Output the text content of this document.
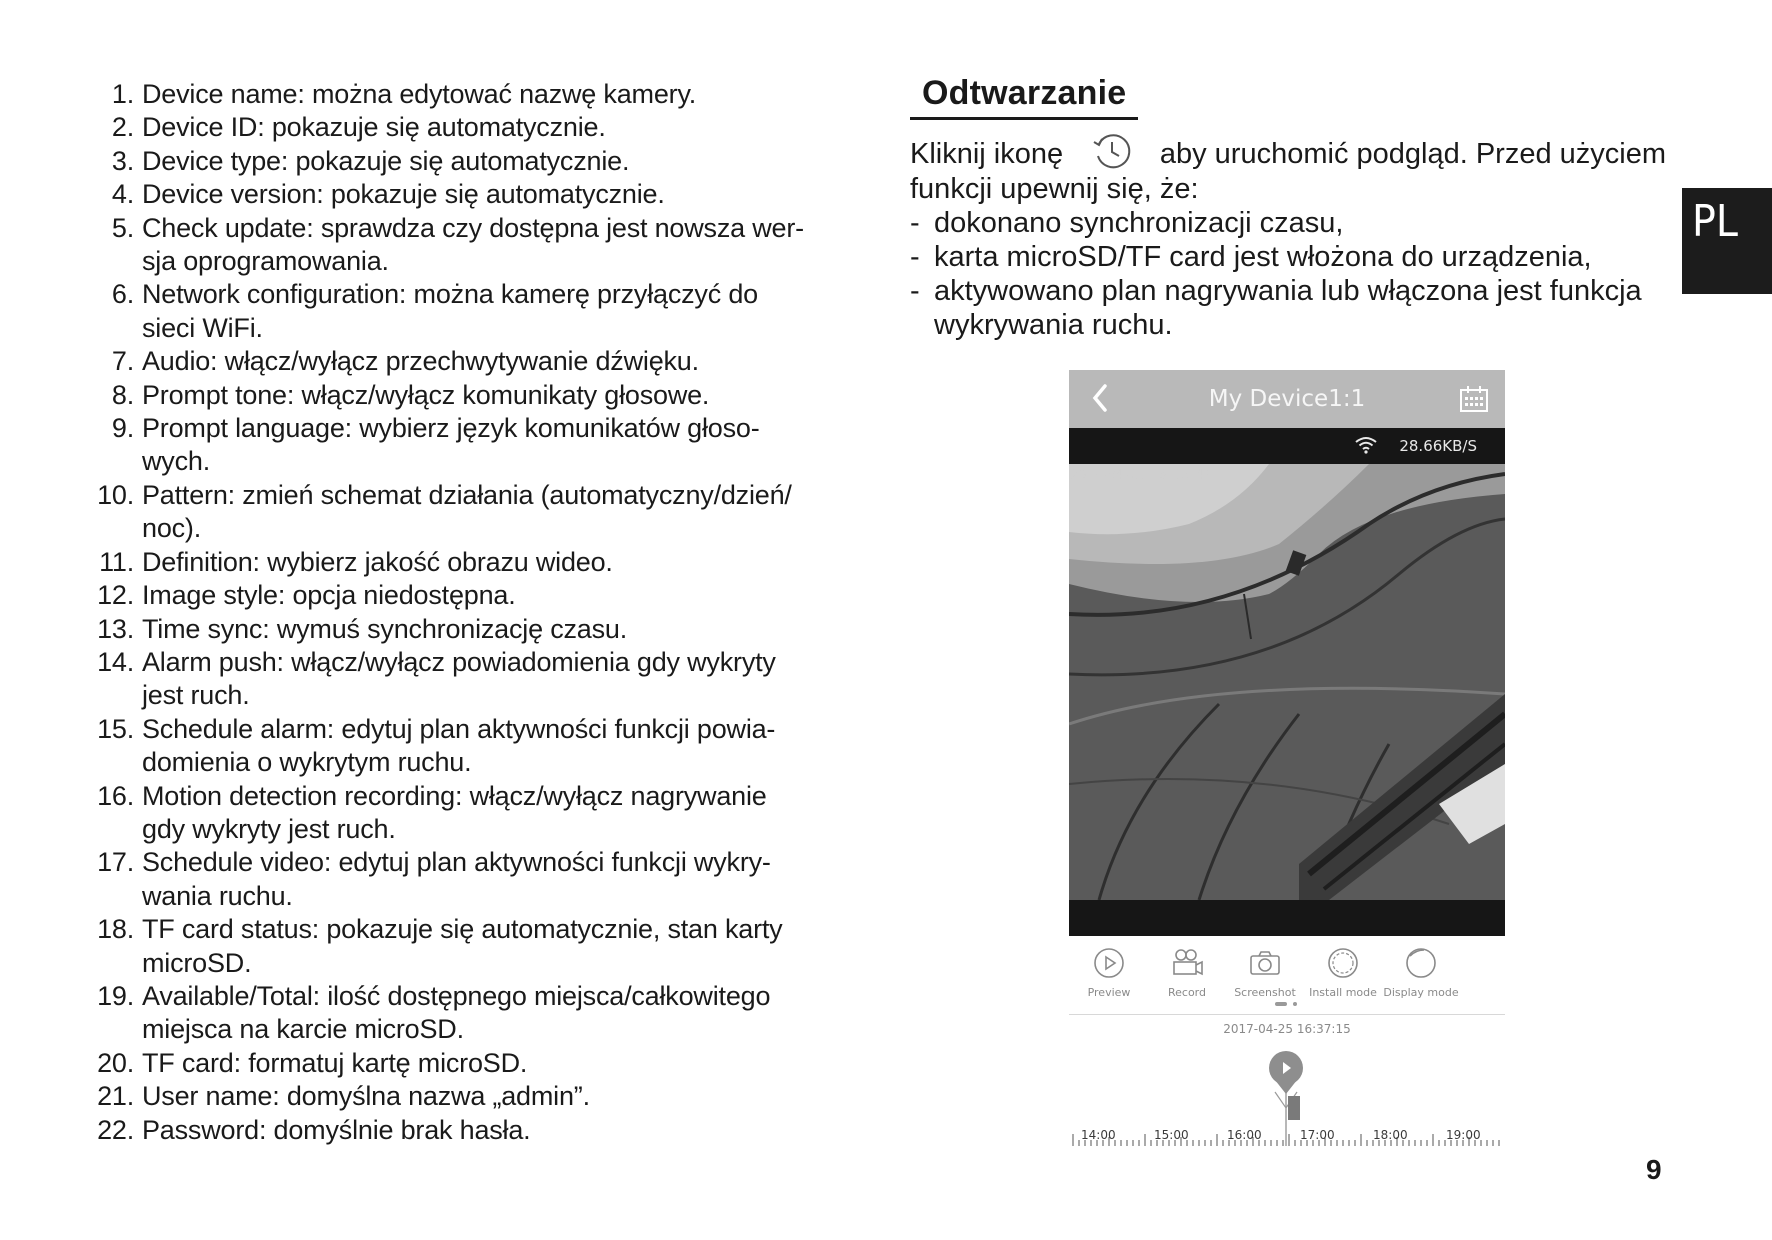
1. Device name: można edytować nazwę kamery.
2. Device ID: pokazuje się automatycznie.
3. Device type: pokazuje się automatycznie.
4. Device version: pokazuje się automatycznie.
5. Check update: sprawdza czy dostępna jest nowsza wer-
sja oprogramowania.
6. Network configuration: można kamerę przyłączyć do
sieci WiFi.
7. Audio: włącz/wyłącz przechwytywanie dźwięku.
8. Prompt tone: włącz/wyłącz komunikaty głosowe.
9. Prompt language: wybierz język komunikatów głoso-
wych.
10. Pattern: zmień schemat działania (automatyczny/dzień/
noc).
11. Definition: wybierz jakość obrazu wideo.
12. Image style: opcja niedostępna.
13. Time sync: wymuś synchronizację czasu.
14. Alarm push: włącz/wyłącz powiadomienia gdy wykryty
jest ruch.
15. Schedule alarm: edytuj plan aktywności funkcji powia-
domienia o wykrytym ruchu.
16. Motion detection recording: włącz/wyłącz nagrywanie
gdy wykryty jest ruch.
17. Schedule video: edytuj plan aktywności funkcji wykry-
wania ruchu.
18. TF card status: pokazuje się automatycznie, stan karty
microSD.
19. Available/Total: ilość dostępnego miejsca/całkowitego
miejsca na karcie microSD.
20. TF card: formatuj kartę microSD.
21. User name: domyślna nazwa „admin”.
22. Password: domyślnie brak hasła.
Odtwarzanie
Kliknij ikonę	aby uruchomić podgląd. Przed użyciem
funkcji upewnij się, że:
- dokonano synchronizacji czasu,
- karta microSD/TF card jest włożona do urządzenia,
- aktywowano plan nagrywania lub włączona jest funkcja
wykrywania ruchu.
PL
9
My Device1:1
28.66KB/S
2017-04-25 16:35:49
Preview	Record	Screenshot	Install mode Display mode
2017-04-25 16:37:15
14:00	15:00	16:00	17:00	18:00	19:00
